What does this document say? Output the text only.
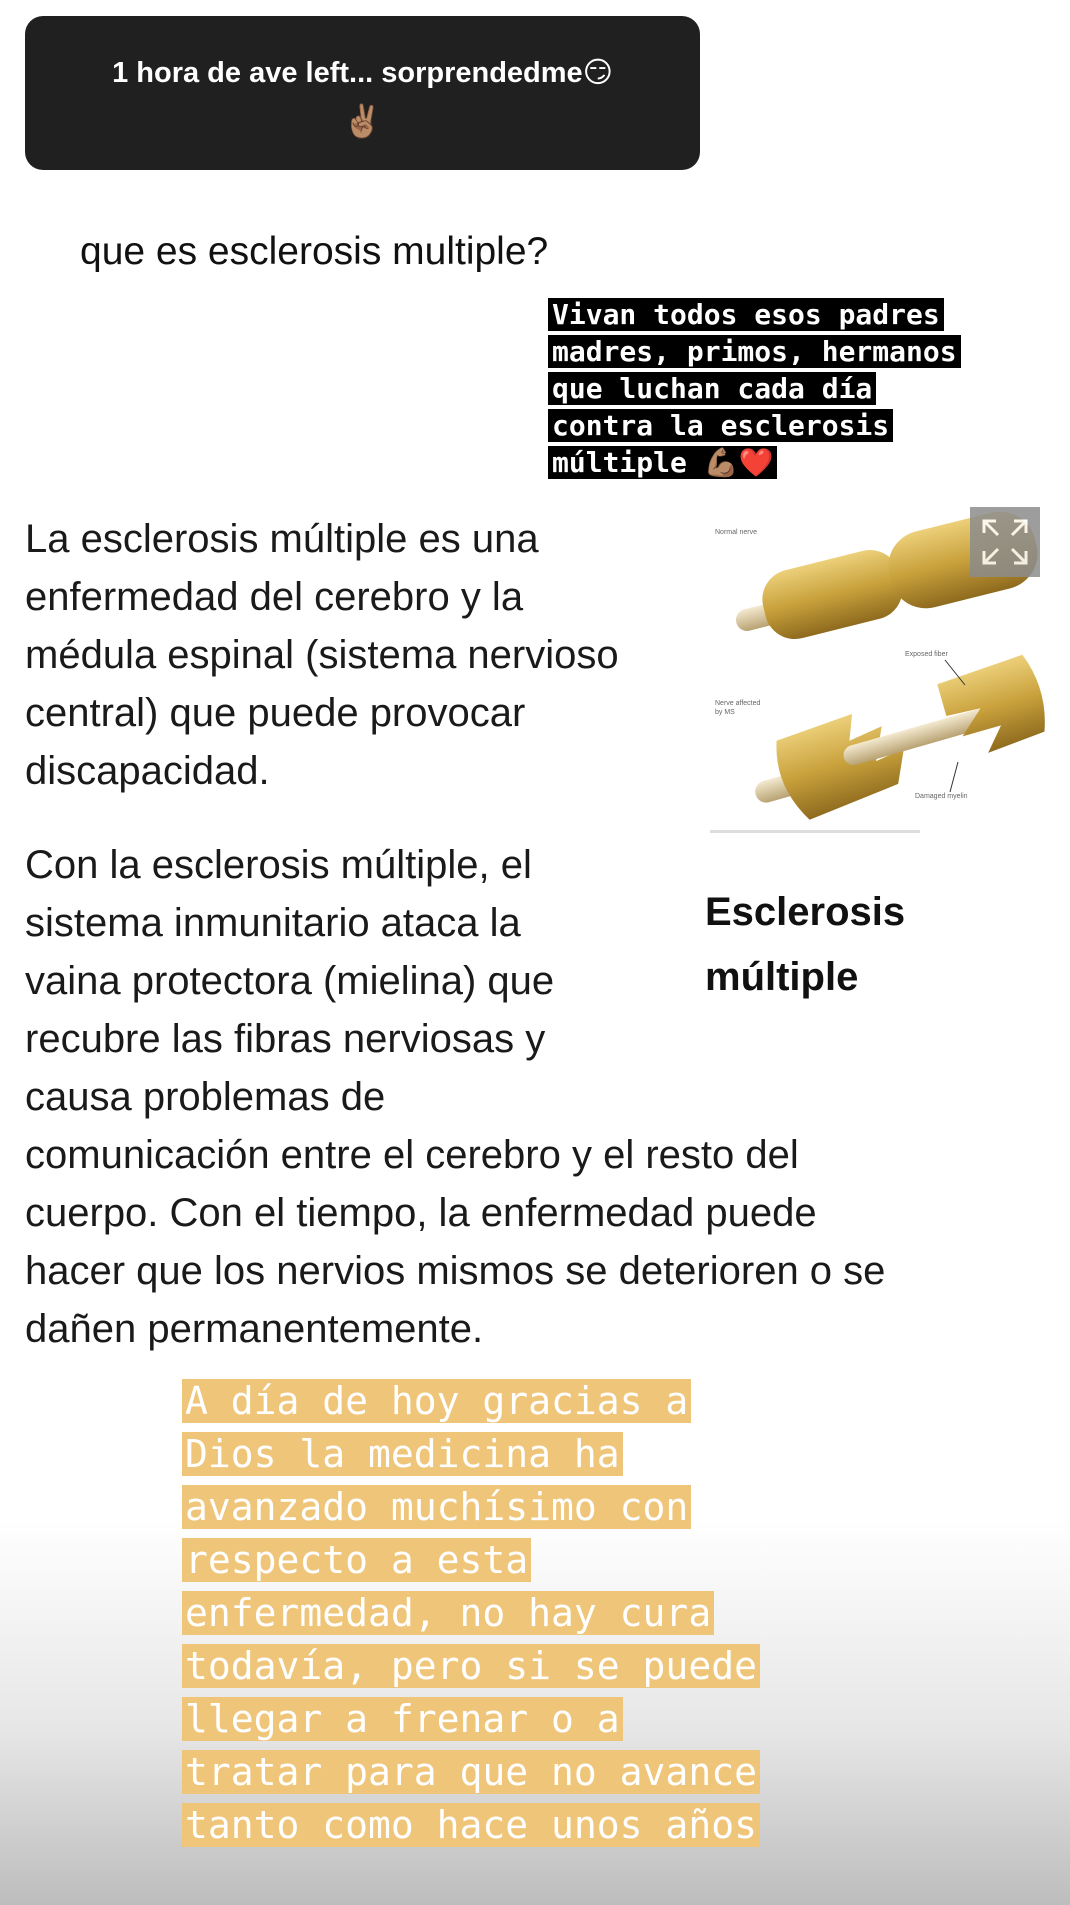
1 hora de ave left... sorprendedme😏
✌🏽
que es esclerosis multiple?
Vivan todos esos padres
madres, primos, hermanos
que luchan cada día
contra la esclerosis
múltiple 💪🏽❤️
La esclerosis múltiple es una enfermedad del cerebro y la médula espinal (sistema nervioso central) que puede provocar discapacidad.
Normal nerve
Nerve affected
by MS
Exposed fiber
Damaged myelin
Esclerosis
múltiple
Con la esclerosis múltiple, el
sistema inmunitario ataca la
vaina protectora (mielina) que
recubre las fibras nerviosas y
causa problemas de
comunicación entre el cerebro y el resto del
cuerpo. Con el tiempo, la enfermedad puede
hacer que los nervios mismos se deterioren o se
dañen permanentemente.
A día de hoy gracias a
Dios la medicina ha
avanzado muchísimo con
respecto a esta
enfermedad, no hay cura
todavía, pero si se puede
llegar a frenar o a
tratar para que no avance
tanto como hace unos años
